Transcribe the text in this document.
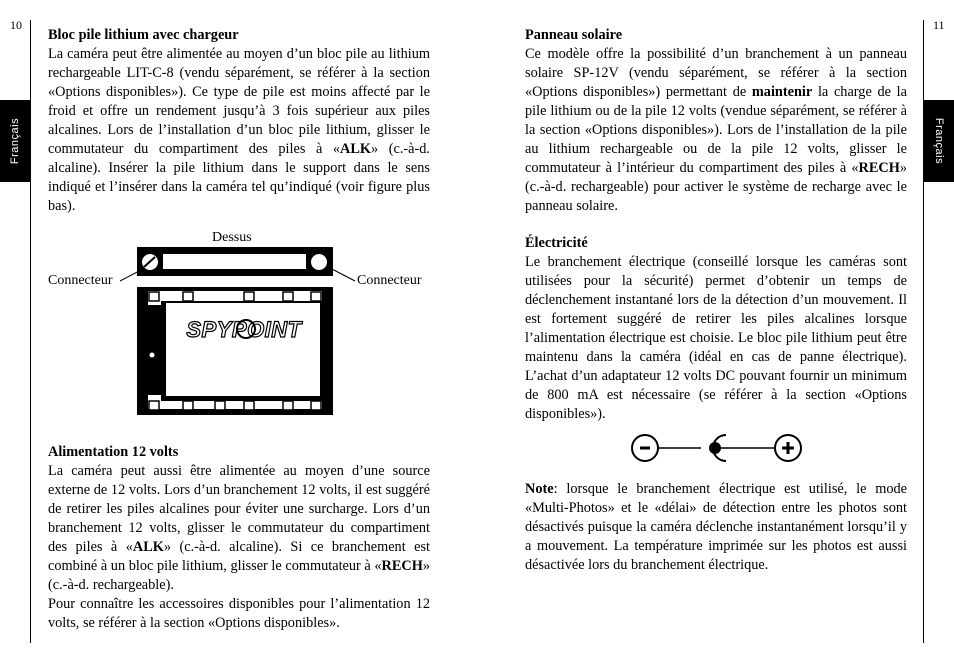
10
Français
Bloc pile lithium avec chargeur

La caméra peut être alimentée au moyen d’un bloc pile au lithium rechargeable LIT-C-8 (vendu séparément, se référer à la section «Options disponibles»). Ce type de pile est moins affecté par le froid et offre un rendement jusqu’à 3 fois supérieur aux piles alcalines. Lors de l’installation d’un bloc pile lithium, glisser le commutateur du compartiment des piles à «ALK» (c.-à-d. alcaline). Insérer la pile lithium dans le support dans le sens indiqué et l’insérer dans la caméra tel qu’indiqué (voir figure plus bas).

Dessus
Connecteur	Connecteur
SPYPOINT
Alimentation 12 volts

La caméra peut aussi être alimentée au moyen d’une source externe de 12 volts. Lors d’un branchement 12 volts, il est suggéré de retirer les piles alcalines pour éviter une surcharge. Lors d’un branchement 12 volts, glisser le commutateur du compartiment des piles à «ALK» (c.-à-d. alcaline). Si ce branchement est combiné à un bloc pile lithium, glisser le commutateur à «RECH» (c.-à-d. rechargeable).

Pour connaître les accessoires disponibles pour l’alimentation 12 volts, se référer à la section «Options disponibles».

11
Français
Panneau solaire

Ce modèle offre la possibilité d’un branchement à un panneau solaire SP-12V (vendu séparément, se référer à la section «Options disponibles») permettant de maintenir la charge de la pile lithium ou de la pile 12 volts (vendue séparément, se référer à la section «Options disponibles»). Lors de l’installation de la pile au lithium rechargeable ou de la pile 12 volts, glisser le commutateur à l’intérieur du compartiment des piles à «RECH» (c.-à-d. rechargeable) pour activer le système de recharge avec le panneau solaire.

Électricité

Le branchement électrique (conseillé lorsque les caméras sont utilisées pour la sécurité) permet d’obtenir un temps de déclenchement instantané lors de la détection d’un mouvement. Il est fortement suggéré de retirer les piles alcalines lorsque l’alimentation électrique est choisie. Le bloc pile lithium peut être maintenu dans la caméra (idéal en cas de panne électrique). L’achat d’un adaptateur 12 volts DC pouvant fournir un minimum de 800 mA est nécessaire (se référer à la section «Options disponibles»).

Note: lorsque le branchement électrique est utilisé, le mode «Multi-Photos» et le «délai» de détection entre les photos sont désactivés puisque la caméra déclenche instantanément lorsqu’il y a mouvement. La température imprimée sur les photos est aussi désactivée lors du branchement électrique.
